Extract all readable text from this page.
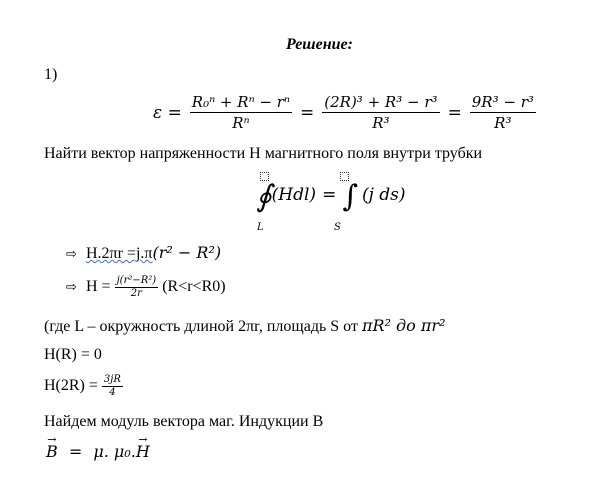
Решение:
1)
$\varepsilon = \frac{\text{R₀ⁿ + Rⁿ − rⁿ}}{\text{Rⁿ}} = \frac{\text{(2R)³ + R³ − r³}}{\text{R³}} = \frac{\text{9R³ − r³}}{\text{R³}}$
Найти вектор напряженности H магнитного поля внутри трубки
∮(Hdl) = ∫ (j ds)
L	S
⇨ H.2πr =j.π(r² − R²)
⇨ $H = \frac{\text{j(r²−R²)}}{2r} (R<r<R0)$
(где L – окружность длиной 2πr, площадь S от πR² до πr²
H(R) = 0
$H(2R) = \frac{3jR}{4}$
Найдем модуль вектора маг. Индукции В
→ B = μ. μ₀.→ H
